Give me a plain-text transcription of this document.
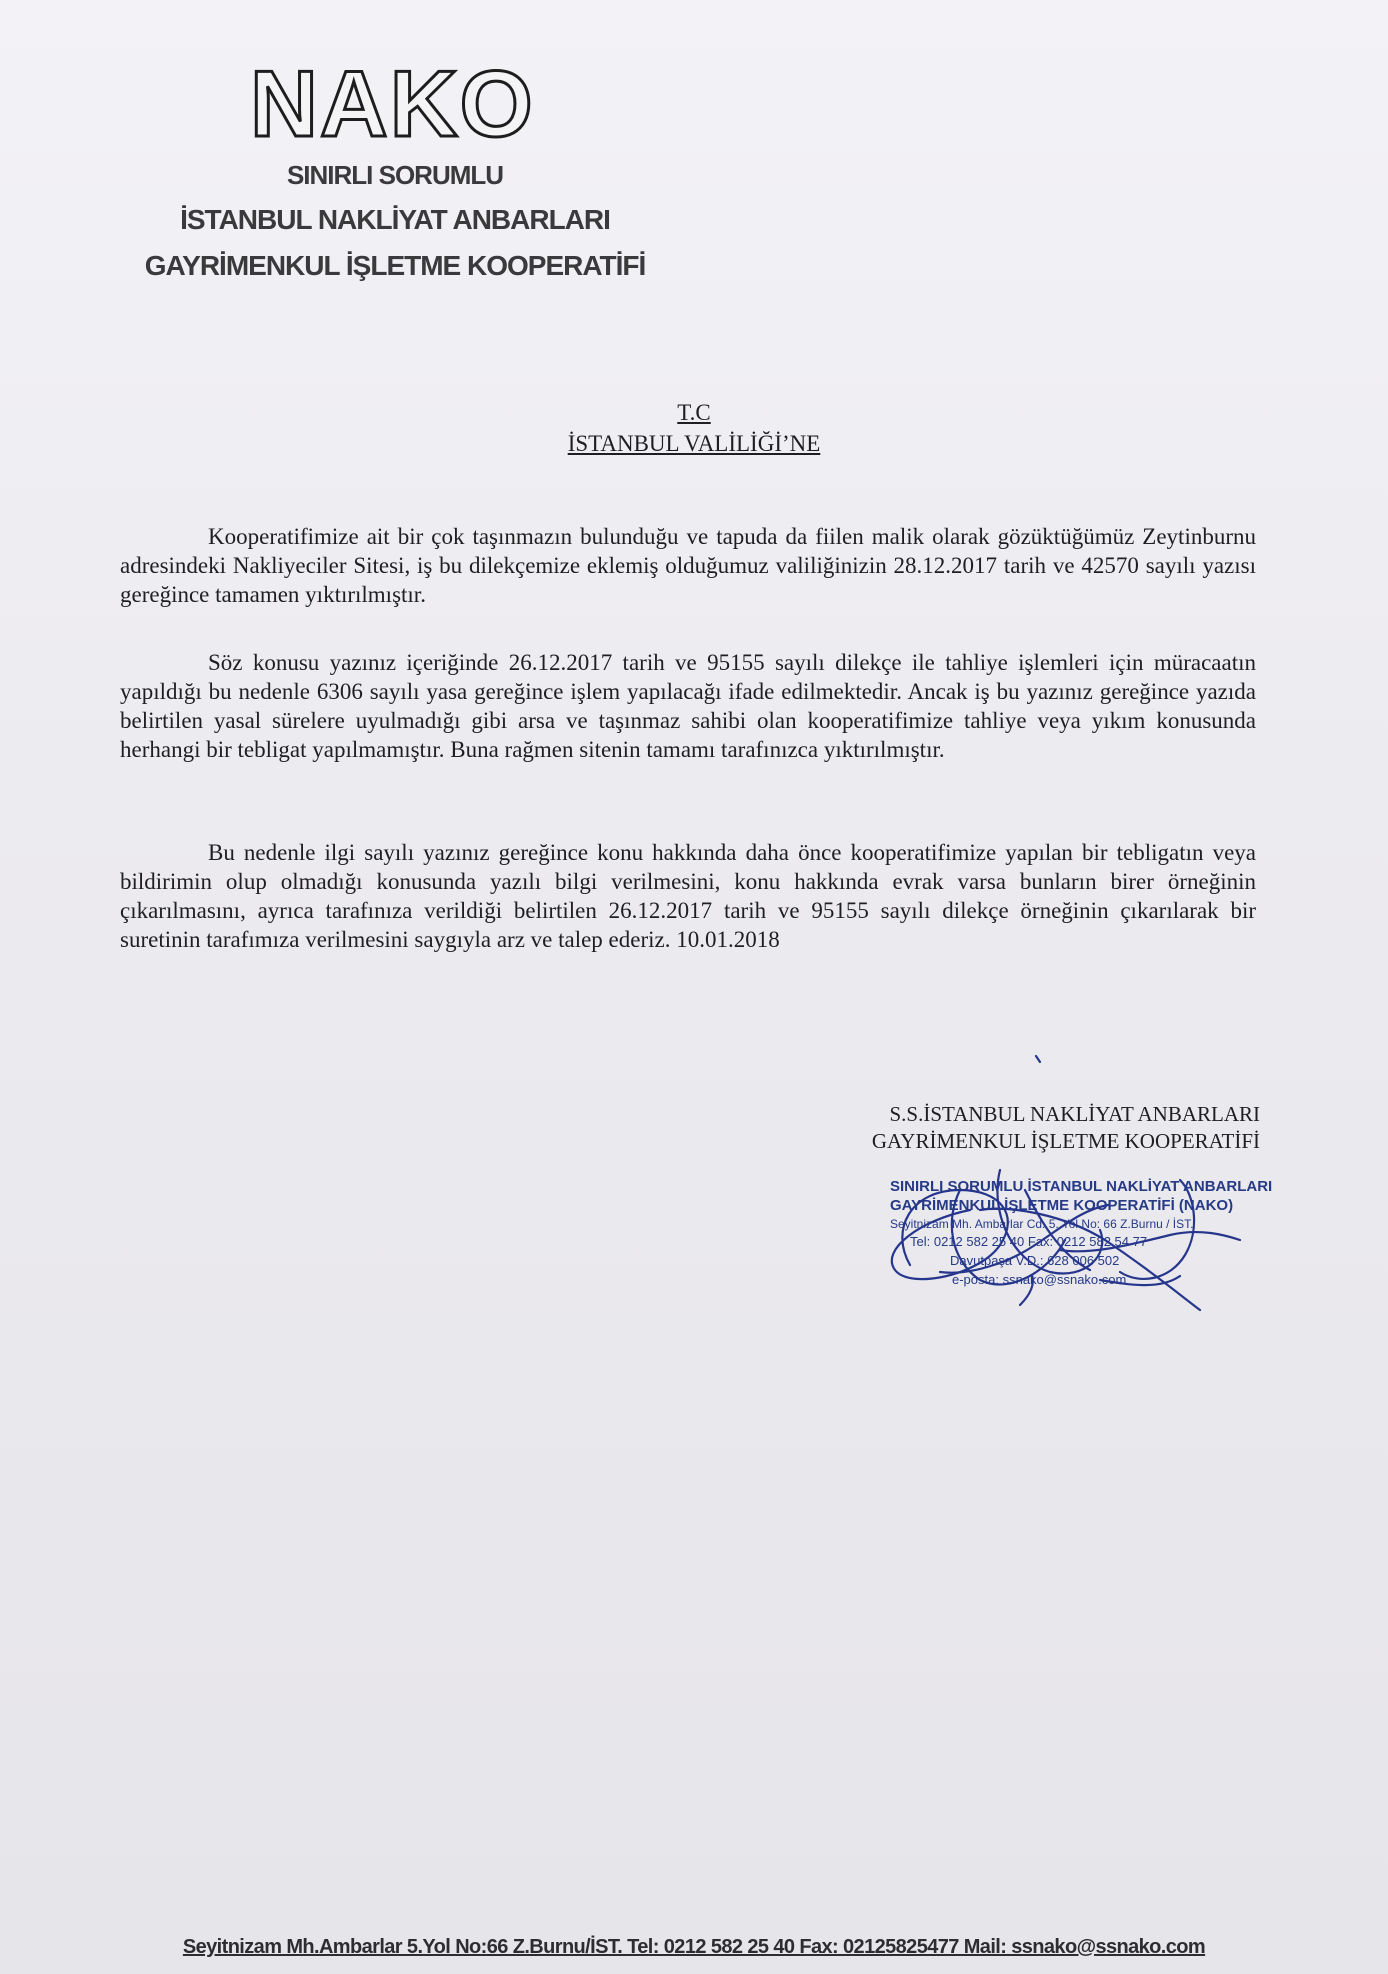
NAKO
SINIRLI SORUMLU
İSTANBUL NAKLİYAT ANBARLARI
GAYRİMENKUL İŞLETME KOOPERATİFİ
T.C
İSTANBUL VALİLİĞİ’NE

Kooperatifimize ait bir çok taşınmazın bulunduğu ve tapuda da fiilen malik olarak gözüktüğümüz Zeytinburnu adresindeki Nakliyeciler Sitesi, iş bu dilekçemize eklemiş olduğumuz valiliğinizin 28.12.2017 tarih ve 42570 sayılı yazısı gereğince tamamen yıktırılmıştır.

Söz konusu yazınız içeriğinde 26.12.2017 tarih ve 95155 sayılı dilekçe ile tahliye işlemleri için müracaatın yapıldığı bu nedenle 6306 sayılı yasa gereğince işlem yapılacağı ifade edilmektedir. Ancak iş bu yazınız gereğince yazıda belirtilen yasal sürelere uyulmadığı gibi arsa ve taşınmaz sahibi olan kooperatifimize tahliye veya yıkım konusunda herhangi bir tebligat yapılmamıştır. Buna rağmen sitenin tamamı tarafınızca yıktırılmıştır.

Bu nedenle ilgi sayılı yazınız gereğince konu hakkında daha önce kooperatifimize yapılan bir tebligatın veya bildirimin olup olmadığı konusunda yazılı bilgi verilmesini, konu hakkında evrak varsa bunların birer örneğinin çıkarılmasını, ayrıca tarafınıza verildiği belirtilen 26.12.2017 tarih ve 95155 sayılı dilekçe örneğinin çıkarılarak bir suretinin tarafımıza verilmesini saygıyla arz ve talep ederiz. 10.01.2018

S.S.İSTANBUL NAKLİYAT ANBARLARI
GAYRİMENKUL İŞLETME KOOPERATİFİ
SINIRLI SORUMLU İSTANBUL NAKLİYAT ANBARLARI
GAYRİMENKUL İŞLETME KOOPERATİFİ (NAKO)
Seyitnizam Mh. Ambarlar Cd. 5. Yol No: 66 Z.Burnu / İST.
Tel: 0212 582 25 40 Fax: 0212 582 54 77
Davutpaşa V.D.: 628 006 502
e-posta: ssnako@ssnako.com
Seyitnizam Mh.Ambarlar 5.Yol No:66 Z.Burnu/İST. Tel: 0212 582 25 40 Fax: 02125825477 Mail: ssnako@ssnako.com
